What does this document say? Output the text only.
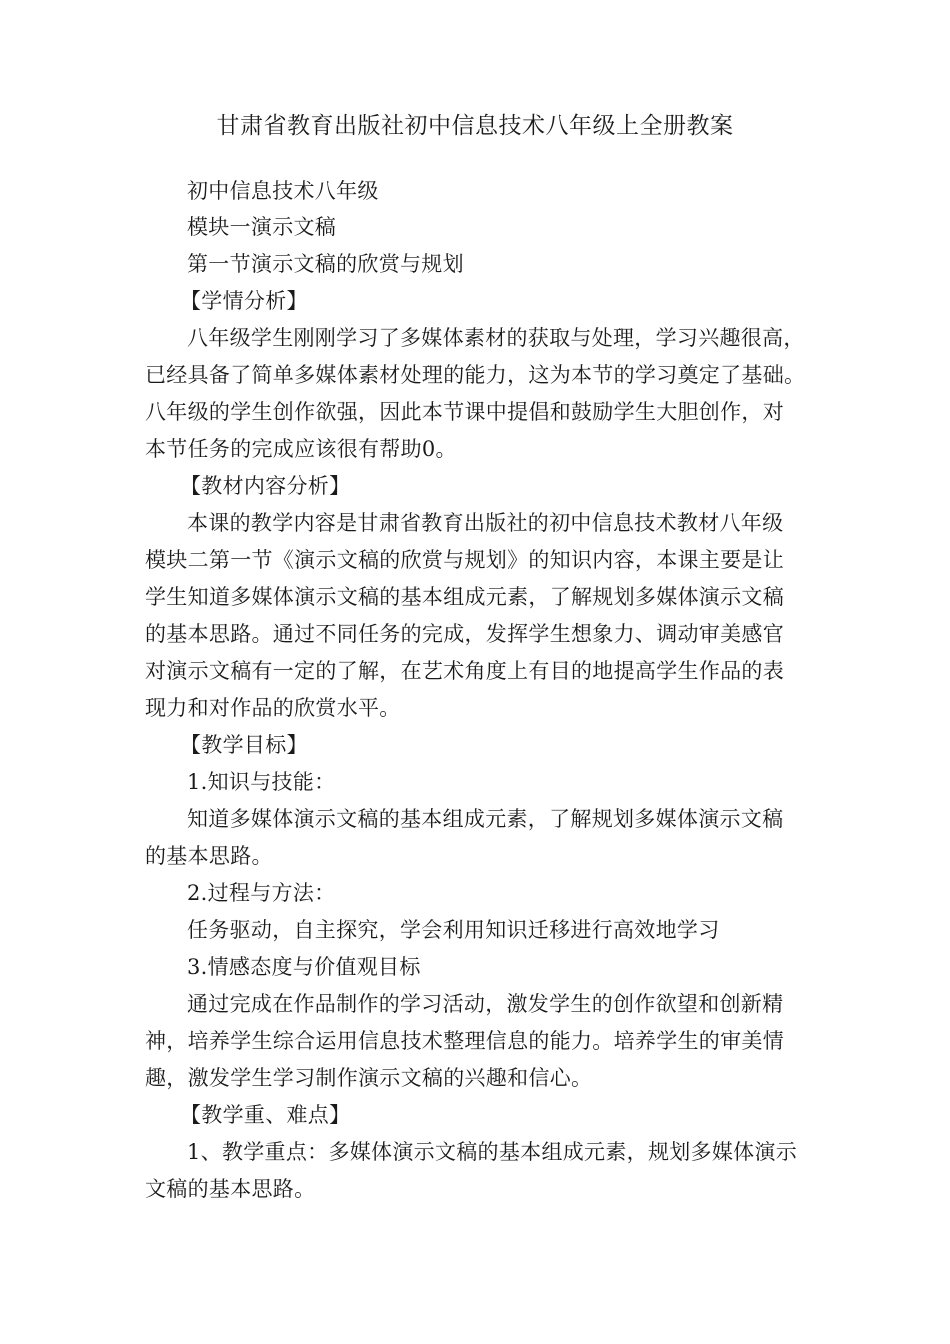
甘肃省教育出版社初中信息技术八年级上全册教案
初中信息技术八年级
模块一演示文稿
第一节演示文稿的欣赏与规划
【学情分析】
八年级学生刚刚学习了多媒体素材的获取与处理，学习兴趣很高，
已经具备了简单多媒体素材处理的能力，这为本节的学习奠定了基础。
八年级的学生创作欲强，因此本节课中提倡和鼓励学生大胆创作，对
本节任务的完成应该很有帮助0。
【教材内容分析】
本课的教学内容是甘肃省教育出版社的初中信息技术教材八年级
模块二第一节《演示文稿的欣赏与规划》的知识内容，本课主要是让
学生知道多媒体演示文稿的基本组成元素，了解规划多媒体演示文稿
的基本思路。通过不同任务的完成，发挥学生想象力、调动审美感官
对演示文稿有一定的了解，在艺术角度上有目的地提高学生作品的表
现力和对作品的欣赏水平。
【教学目标】
1.知识与技能：
知道多媒体演示文稿的基本组成元素，了解规划多媒体演示文稿
的基本思路。
2.过程与方法：
任务驱动，自主探究，学会利用知识迁移进行高效地学习
3.情感态度与价值观目标
通过完成在作品制作的学习活动，激发学生的创作欲望和创新精
神，培养学生综合运用信息技术整理信息的能力。培养学生的审美情
趣，激发学生学习制作演示文稿的兴趣和信心。
【教学重、难点】
1、教学重点：多媒体演示文稿的基本组成元素，规划多媒体演示
文稿的基本思路。
